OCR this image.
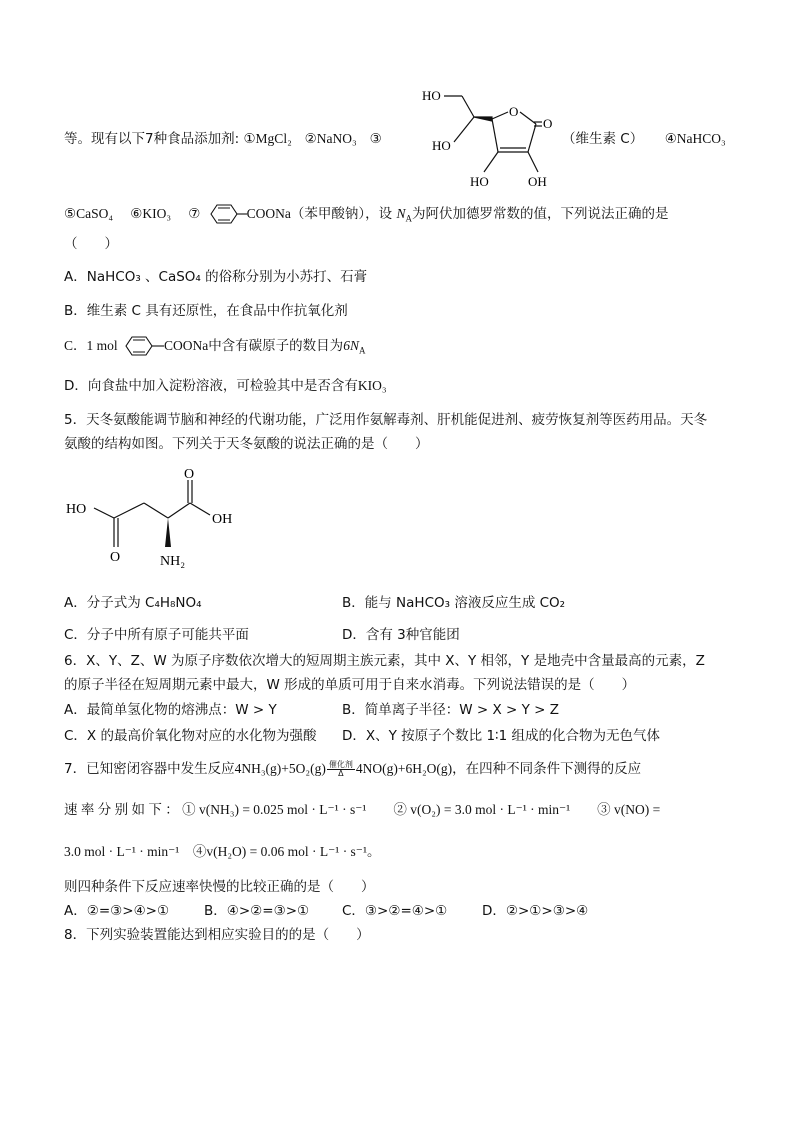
等。现有以下7种食品添加剂: ①MgCl₂ ②NaNO₃ ③
HO
HO
O
O
HO	OH
（维生素 C） ④NaHCO₃
⑤CaSO₄ ⑥KIO₃ ⑦	COONa（苯甲酸钠），设 $N_A$为阿伏加德罗常数的值，下列说法正确的是
（　　）
A．NaHCO₃ 、CaSO₄ 的俗称分别为小苏打、石膏
B．维生素 C 具有还原性，在食品中作抗氧化剂
C．1 mol	COONa中含有碳原子的数目为$6N_A$
D．向食盐中加入淀粉溶液，可检验其中是否含有KIO₃
5．天冬氨酸能调节脑和神经的代谢功能，广泛用作氨解毒剂、肝机能促进剂、疲劳恢复剂等医药用品。天冬
氨酸的结构如图。下列关于天冬氨酸的说法正确的是（　　）
O
HO
OH
O	NH₂
A．分子式为 C₄H₈NO₄	B．能与 NaHCO₃ 溶液反应生成 CO₂
C．分子中所有原子可能共平面	D．含有 3种官能团
6．X、Y、Z、W 为原子序数依次增大的短周期主族元素，其中 X、Y 相邻，Y 是地壳中含量最高的元素，Z
的原子半径在短周期元素中最大，W 形成的单质可用于自来水消毒。下列说法错误的是（　　）
A．最简单氢化物的熔沸点：W > Y	B．简单离子半径：W > X > Y > Z
C．X 的最高价氧化物对应的水化物为强酸 D．X、Y 按原子个数比 1∶1 组成的化合物为无色气体
7．已知密闭容器中发生反应$4NH_3(g)+5O_2(g) \frac{\text{催化剂}}{\Delta}4NO(g)+6H_2O(g)$，在四种不同条件下测得的反应
速 率 分 别 如 下 ： ① v(NH₃) = 0.025 mol · L⁻¹ · s⁻¹　　② v(O₂) = 3.0 mol · L⁻¹ · min⁻¹　　③ v(NO) =
3.0 mol · L⁻¹ · min⁻¹　④v(H₂O) = 0.06 mol · L⁻¹ · s⁻¹。
则四种条件下反应速率快慢的比较正确的是（　　）
A．②=③>④>①	B．④>②=③>① C．③>②=④>①	D．②>①>③>④
8．下列实验装置能达到相应实验目的的是（　　）
